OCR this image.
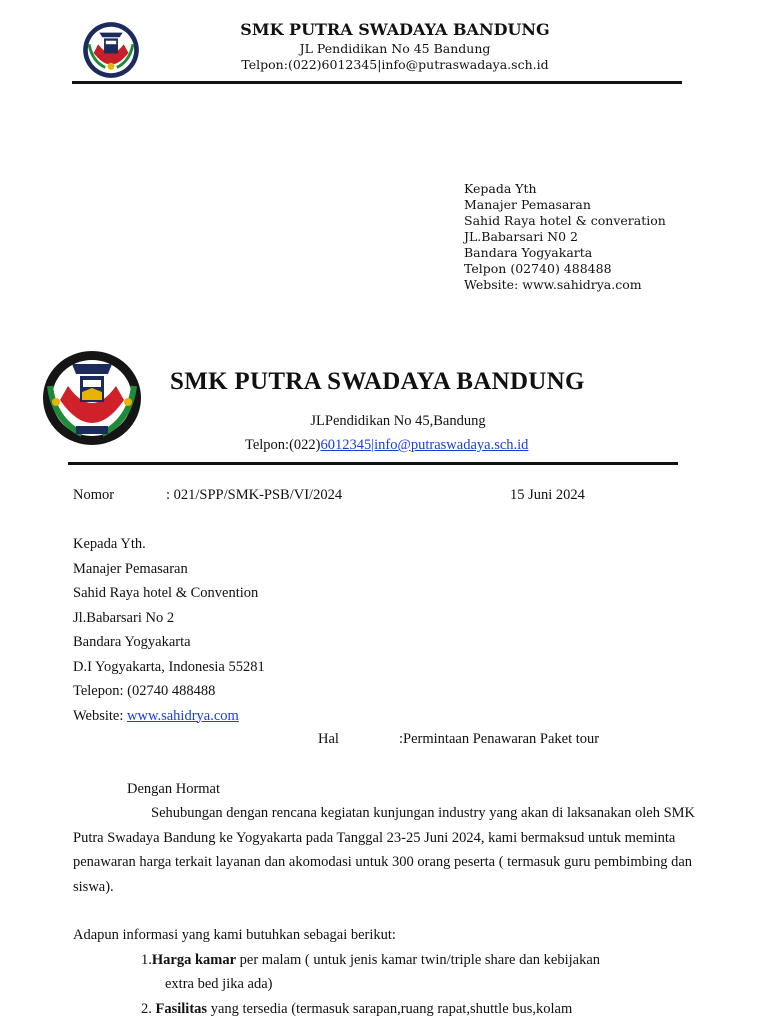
SMK PUTRA SWADAYA BANDUNG
JL Pendidikan No 45 Bandung
Telpon:(022)6012345|info@putraswadaya.sch.id
Kepada Yth
Manajer Pemasaran
Sahid Raya hotel & converation
JL.Babarsari N0 2
Bandara Yogyakarta
Telpon (02740) 488488
Website: www.sahidrya.com
SMK PUTRA SWADAYA BANDUNG
JLPendidikan No 45,Bandung
Telpon:(022)6012345|info@putraswadaya.sch.id
Nomor	: 021/SPP/SMK-PSB/VI/2024	15 Juni 2024
Kepada Yth.
Manajer Pemasaran
Sahid Raya hotel & Convention
Jl.Babarsari No 2
Bandara Yogyakarta
D.I Yogyakarta, Indonesia 55281
Telepon: (02740 488488
Website: www.sahidrya.com
Hal	:Permintaan Penawaran Paket tour
Dengan Hormat
Sehubungan dengan rencana kegiatan kunjungan industry yang akan di laksanakan oleh SMK
Putra Swadaya Bandung ke Yogyakarta pada Tanggal 23-25 Juni 2024, kami bermaksud untuk meminta
penawaran harga terkait layanan dan akomodasi untuk 300 orang peserta ( termasuk guru pembimbing dan
siswa).
Adapun informasi yang kami butuhkan sebagai berikut:
1.Harga kamar per malam ( untuk jenis kamar twin/triple share dan kebijakan
extra bed jika ada)
2. Fasilitas yang tersedia (termasuk sarapan,ruang rapat,shuttle bus,kolam
